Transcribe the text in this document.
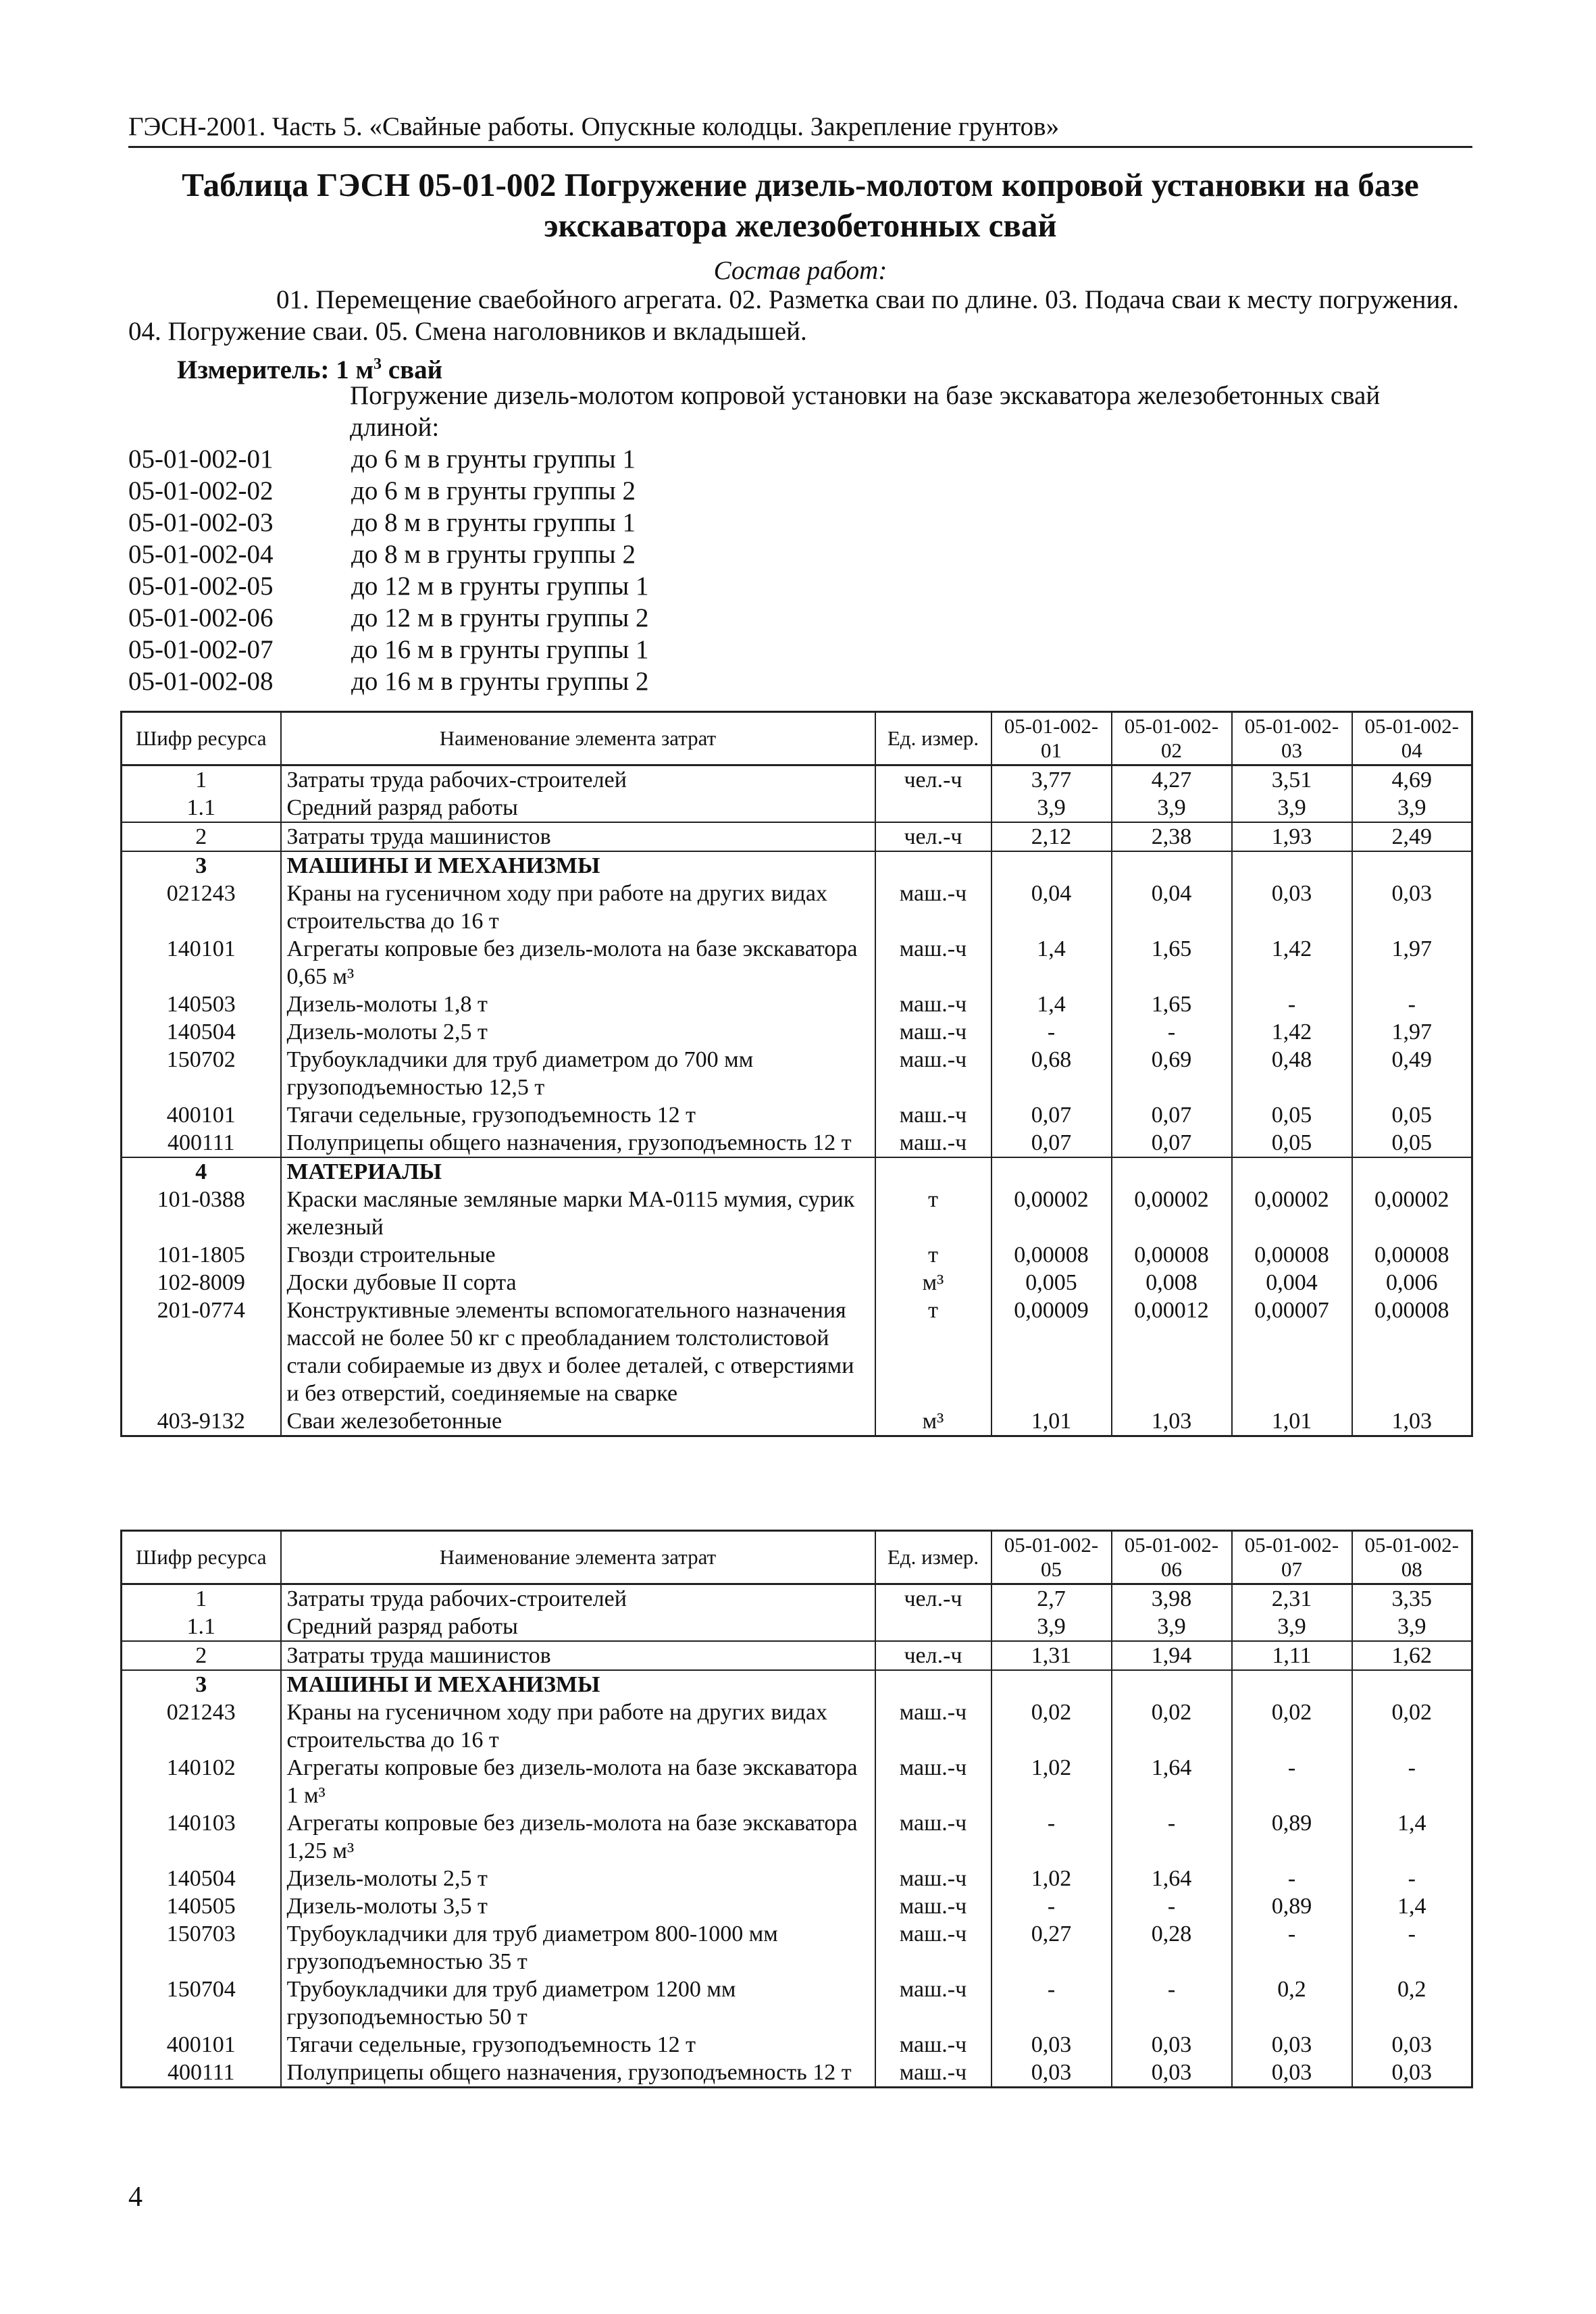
ГЭСН-2001. Часть 5. «Свайные работы. Опускные колодцы. Закрепление грунтов»
Таблица ГЭСН 05-01-002 Погружение дизель-молотом копровой установки на базе
экскаватора железобетонных свай
Состав работ:
01. Перемещение сваебойного агрегата. 02. Разметка сваи по длине. 03. Подача сваи к месту погружения.
04. Погружение сваи. 05. Смена наголовников и вкладышей.
Измеритель: 1 $м^3$ свай
Погружение дизель-молотом копровой установки на базе экскаватора железобетонных свай
длиной:
05-01-002-01	до 6 м в грунты группы 1
05-01-002-02	до 6 м в грунты группы 2
05-01-002-03	до 8 м в грунты группы 1
05-01-002-04	до 8 м в грунты группы 2
05-01-002-05	до 12 м в грунты группы 1
05-01-002-06	до 12 м в грунты группы 2
05-01-002-07	до 16 м в грунты группы 1
05-01-002-08	до 16 м в грунты группы 2
Шифр ресурса	Наименование элемента затрат	Ед. измер.	05-01-002-01	05-01-002-02	05-01-002-03	05-01-002-04
1	Затраты труда рабочих-строителей	чел.-ч	3,77	4,27	3,51	4,69
1.1	Средний разряд работы		3,9	3,9	3,9	3,9
2	Затраты труда машинистов	чел.-ч	2,12	2,38	1,93	2,49
3	МАШИНЫ И МЕХАНИЗМЫ					
021243	Краны на гусеничном ходу при работе на других видах строительства до 16 т	маш.-ч	0,04	0,04	0,03	0,03
140101	Агрегаты копровые без дизель-молота на базе экскаватора 0,65 м³	маш.-ч	1,4	1,65	1,42	1,97
140503	Дизель-молоты 1,8 т	маш.-ч	1,4	1,65	-	-
140504	Дизель-молоты 2,5 т	маш.-ч	-	-	1,42	1,97
150702	Трубоукладчики для труб диаметром до 700 мм грузоподъемностью 12,5 т	маш.-ч	0,68	0,69	0,48	0,49
400101	Тягачи седельные, грузоподъемность 12 т	маш.-ч	0,07	0,07	0,05	0,05
400111	Полуприцепы общего назначения, грузоподъемность 12 т	маш.-ч	0,07	0,07	0,05	0,05
4	МАТЕРИАЛЫ					
101-0388	Краски масляные земляные марки МА-0115 мумия, сурик железный	т	0,00002	0,00002	0,00002	0,00002
101-1805	Гвозди строительные	т	0,00008	0,00008	0,00008	0,00008
102-8009	Доски дубовые II сорта	м³	0,005	0,008	0,004	0,006
201-0774	Конструктивные элементы вспомогательного назначения массой не более 50 кг с преобладанием толстолистовой стали собираемые из двух и более деталей, с отверстиями и без отверстий, соединяемые на сварке	т	0,00009	0,00012	0,00007	0,00008
403-9132	Сваи железобетонные	м³	1,01	1,03	1,01	1,03
Шифр ресурса	Наименование элемента затрат	Ед. измер.	05-01-002-05	05-01-002-06	05-01-002-07	05-01-002-08
1	Затраты труда рабочих-строителей	чел.-ч	2,7	3,98	2,31	3,35
1.1	Средний разряд работы		3,9	3,9	3,9	3,9
2	Затраты труда машинистов	чел.-ч	1,31	1,94	1,11	1,62
3	МАШИНЫ И МЕХАНИЗМЫ					
021243	Краны на гусеничном ходу при работе на других видах строительства до 16 т	маш.-ч	0,02	0,02	0,02	0,02
140102	Агрегаты копровые без дизель-молота на базе экскаватора 1 м³	маш.-ч	1,02	1,64	-	-
140103	Агрегаты копровые без дизель-молота на базе экскаватора 1,25 м³	маш.-ч	-	-	0,89	1,4
140504	Дизель-молоты 2,5 т	маш.-ч	1,02	1,64	-	-
140505	Дизель-молоты 3,5 т	маш.-ч	-	-	0,89	1,4
150703	Трубоукладчики для труб диаметром 800-1000 мм грузоподъемностью 35 т	маш.-ч	0,27	0,28	-	-
150704	Трубоукладчики для труб диаметром 1200 мм грузоподъемностью 50 т	маш.-ч	-	-	0,2	0,2
400101	Тягачи седельные, грузоподъемность 12 т	маш.-ч	0,03	0,03	0,03	0,03
400111	Полуприцепы общего назначения, грузоподъемность 12 т	маш.-ч	0,03	0,03	0,03	0,03
4
